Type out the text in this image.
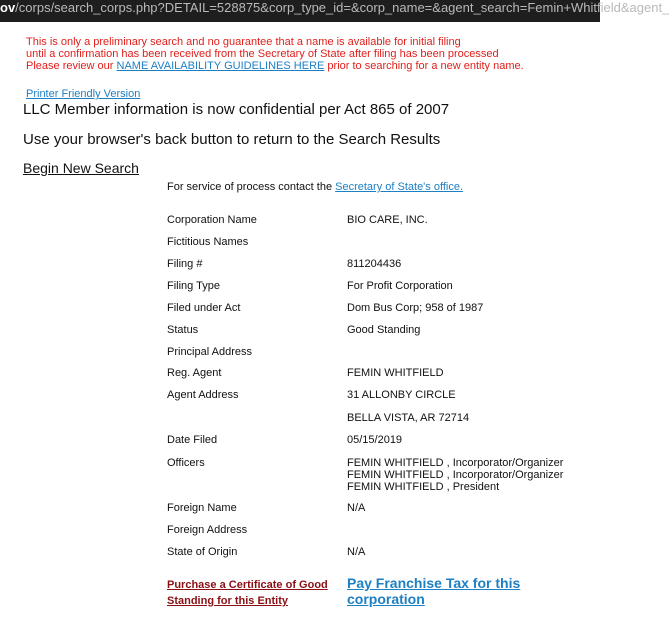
ov/corps/search_corps.php?DETAIL=528875&corp_type_id=&corp_name=&agent_search=Femin+Whitfield&agent_
This is only a preliminary search and no guarantee that a name is available for initial filing
until a confirmation has been received from the Secretary of State after filing has been processed
Please review our NAME AVAILABILITY GUIDELINES HERE prior to searching for a new entity name.
Printer Friendly Version
LLC Member information is now confidential per Act 865 of 2007
Use your browser's back button to return to the Search Results
Begin New Search
For service of process contact the Secretary of State's office.
Corporation Name	BIO CARE, INC.
Fictitious Names
Filing #	811204436
Filing Type	For Profit Corporation
Filed under Act	Dom Bus Corp; 958 of 1987
Status	Good Standing
Principal Address
Reg. Agent	FEMIN WHITFIELD
Agent Address	31 ALLONBY CIRCLE
BELLA VISTA, AR 72714
Date Filed	05/15/2019
Officers	FEMIN WHITFIELD , Incorporator/Organizer
FEMIN WHITFIELD , Incorporator/Organizer
FEMIN WHITFIELD , President
Foreign Name	N/A
Foreign Address
State of Origin	N/A
Purchase a Certificate of Good Standing for this Entity
Pay Franchise Tax for this corporation
